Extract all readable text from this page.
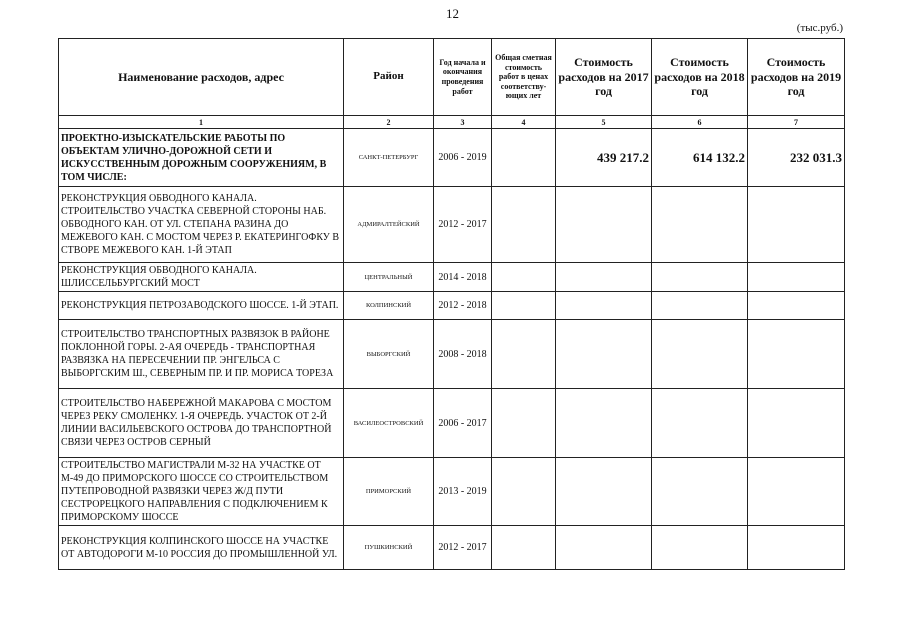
12
(тыс.руб.)
Наименование расходов, адрес	Район	Год начала и окончания проведения работ	Общая сметная стоимость работ в ценах соответству-ющих лет	Стоимость расходов на 2017 год	Стоимость расходов на 2018 год	Стоимость расходов на 2019 год
1	2	3	4	5	6	7
ПРОЕКТНО-ИЗЫСКАТЕЛЬСКИЕ РАБОТЫ ПО ОБЪЕКТАМ УЛИЧНО-ДОРОЖНОЙ СЕТИ И ИСКУССТВЕННЫМ ДОРОЖНЫМ СООРУЖЕНИЯМ, В ТОМ ЧИСЛЕ:	САНКТ-ПЕТЕРБУРГ	2006 - 2019		439 217.2	614 132.2	232 031.3
РЕКОНСТРУКЦИЯ ОБВОДНОГО КАНАЛА. СТРОИТЕЛЬСТВО УЧАСТКА СЕВЕРНОЙ СТОРОНЫ НАБ. ОБВОДНОГО КАН. ОТ УЛ. СТЕПАНА РАЗИНА ДО МЕЖЕВОГО КАН. С МОСТОМ ЧЕРЕЗ Р. ЕКАТЕРИНГОФКУ В СТВОРЕ МЕЖЕВОГО КАН. 1-Й ЭТАП	АДМИРАЛТЕЙСКИЙ	2012 - 2017				
РЕКОНСТРУКЦИЯ ОБВОДНОГО КАНАЛА. ШЛИССЕЛЬБУРГСКИЙ МОСТ	ЦЕНТРАЛЬНЫЙ	2014 - 2018				
РЕКОНСТРУКЦИЯ ПЕТРОЗАВОДСКОГО ШОССЕ. 1-Й ЭТАП.	КОЛПИНСКИЙ	2012 - 2018				
СТРОИТЕЛЬСТВО ТРАНСПОРТНЫХ РАЗВЯЗОК В РАЙОНЕ ПОКЛОННОЙ ГОРЫ. 2-АЯ ОЧЕРЕДЬ - ТРАНСПОРТНАЯ РАЗВЯЗКА НА ПЕРЕСЕЧЕНИИ ПР. ЭНГЕЛЬСА С ВЫБОРГСКИМ Ш., СЕВЕРНЫМ ПР. И ПР. МОРИСА ТОРЕЗА	ВЫБОРГСКИЙ	2008 - 2018				
СТРОИТЕЛЬСТВО НАБЕРЕЖНОЙ МАКАРОВА С МОСТОМ ЧЕРЕЗ РЕКУ СМОЛЕНКУ. 1-Я ОЧЕРЕДЬ. УЧАСТОК ОТ 2-Й ЛИНИИ ВАСИЛЬЕВСКОГО ОСТРОВА ДО ТРАНСПОРТНОЙ СВЯЗИ ЧЕРЕЗ ОСТРОВ СЕРНЫЙ	ВАСИЛЕОСТРОВСКИЙ	2006 - 2017				
СТРОИТЕЛЬСТВО МАГИСТРАЛИ М-32 НА УЧАСТКЕ ОТ М-49 ДО ПРИМОРСКОГО ШОССЕ СО СТРОИТЕЛЬСТВОМ ПУТЕПРОВОДНОЙ РАЗВЯЗКИ ЧЕРЕЗ Ж/Д ПУТИ СЕСТРОРЕЦКОГО НАПРАВЛЕНИЯ С ПОДКЛЮЧЕНИЕМ К ПРИМОРСКОМУ ШОССЕ	ПРИМОРСКИЙ	2013 - 2019				
РЕКОНСТРУКЦИЯ КОЛПИНСКОГО ШОССЕ НА УЧАСТКЕ ОТ АВТОДОРОГИ М-10 РОССИЯ ДО ПРОМЫШЛЕННОЙ УЛ.	ПУШКИНСКИЙ	2012 - 2017				
